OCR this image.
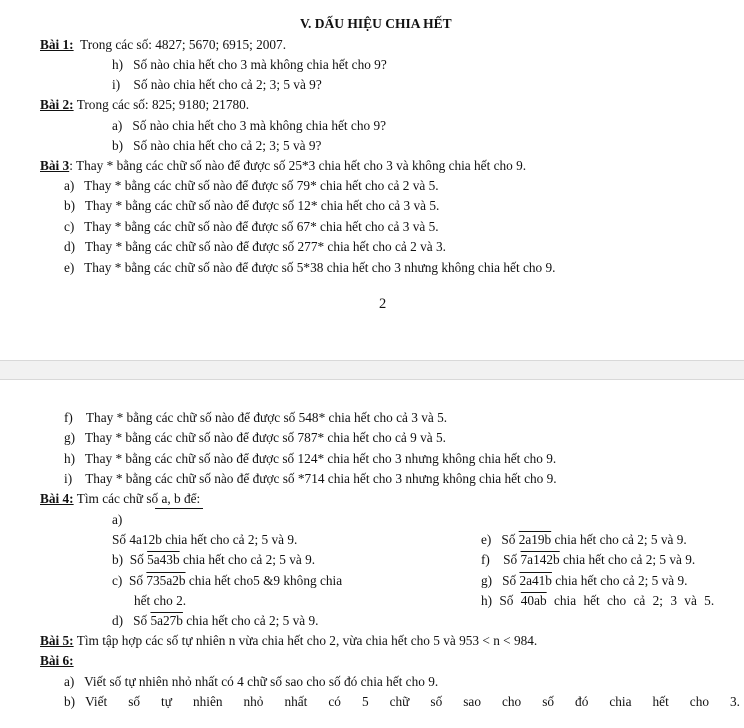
V. DẤU HIỆU CHIA HẾT
Bài 1: Trong các số: 4827; 5670; 6915; 2007.
h) Số nào chia hết cho 3 mà không chia hết cho 9?
i) Số nào chia hết cho cả 2; 3; 5 và 9?
Bài 2: Trong các số: 825; 9180; 21780.
a) Số nào chia hết cho 3 mà không chia hết cho 9?
b) Số nào chia hết cho cả 2; 3; 5 và 9?
Bài 3: Thay * bằng các chữ số nào để được số 25*3 chia hết cho 3 và không chia hết cho 9.
a) Thay * bằng các chữ số nào để được số 79* chia hết cho cả 2 và 5.
b) Thay * bằng các chữ số nào để được số 12* chia hết cho cả 3 và 5.
c) Thay * bằng các chữ số nào để được số 67* chia hết cho cả 3 và 5.
d) Thay * bằng các chữ số nào để được số 277* chia hết cho cả 2 và 3.
e) Thay * bằng các chữ số nào để được số 5*38 chia hết cho 3 nhưng không chia hết cho 9.
2
f) Thay * bằng các chữ số nào để được số 548* chia hết cho cả 3 và 5.
g) Thay * bằng các chữ số nào để được số 787* chia hết cho cả 9 và 5.
h) Thay * bằng các chữ số nào để được số 124* chia hết cho 3 nhưng không chia hết cho 9.
i) Thay * bằng các chữ số nào để được số *714 chia hết cho 3 nhưng không chia hết cho 9.
Bài 4: Tìm các chữ số a, b để:
a)
Số 4a12b chia hết cho cả 2; 5 và 9.
b) Số 5a43b chia hết cho cả 2; 5 và 9.
c) Số 735a2b chia hết cho5 &9 không chia
hết cho 2.
d) Số 5a27b chia hết cho cả 2; 5 và 9.
e) Số 2a19b chia hết cho cả 2; 5 và 9.
f) Số 7a142b chia hết cho cả 2; 5 và 9.
g) Số 2a41b chia hết cho cả 2; 5 và 9.
h) Số 40ab chia hết cho cả 2; 3 và 5.
Bài 5: Tìm tập hợp các số tự nhiên n vừa chia hết cho 2, vừa chia hết cho 5 và 953 < n < 984.
Bài 6:
a) Viết số tự nhiên nhỏ nhất có 4 chữ số sao cho số đó chia hết cho 9.
b) Viết số tự nhiên nhỏ nhất có 5 chữ số sao cho số đó chia hết cho 3.
